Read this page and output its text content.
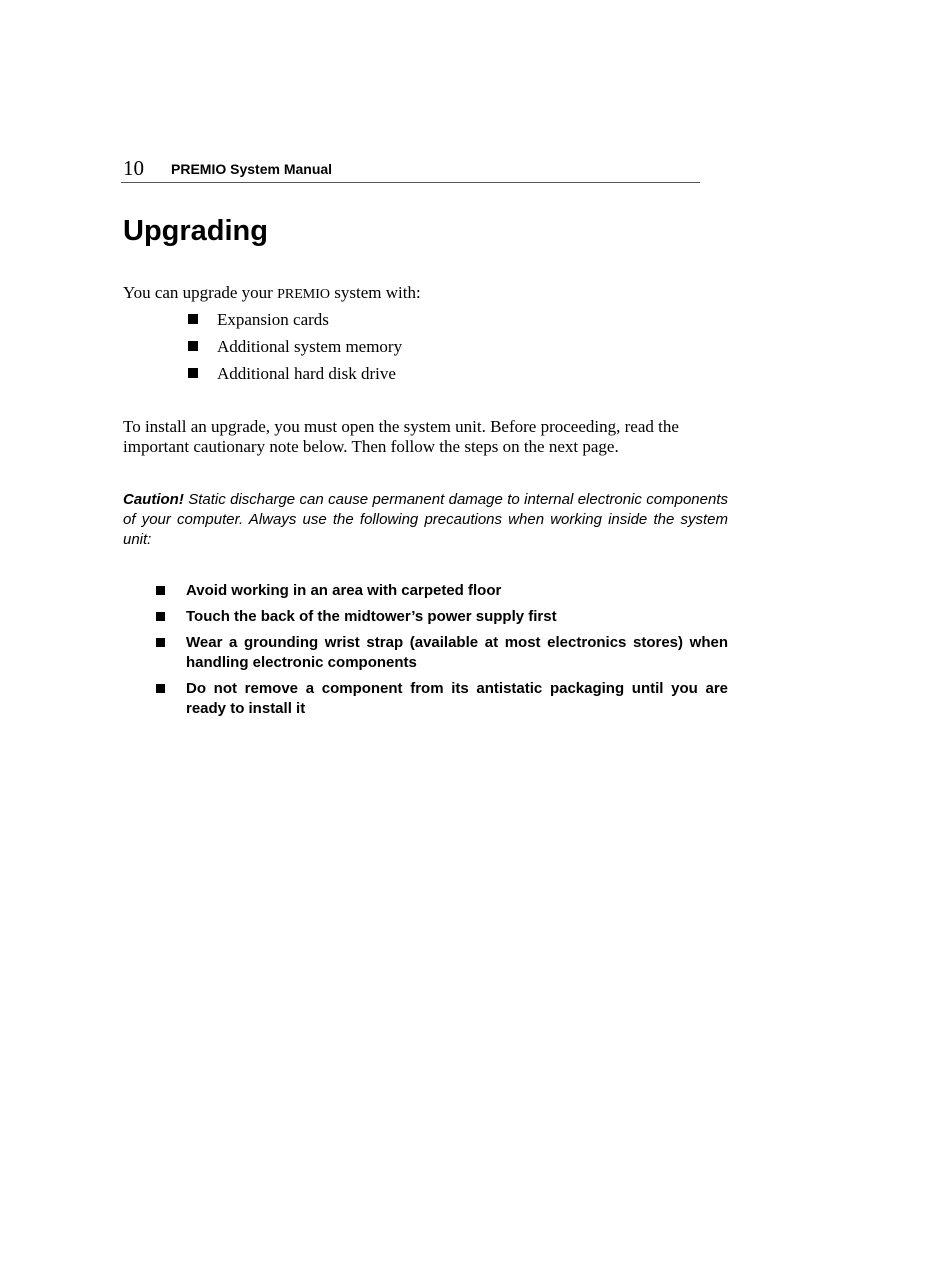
10 PREMIO System Manual
Upgrading

You can upgrade your PREMIO system with:

Expansion cards
Additional system memory
Additional hard disk drive

To install an upgrade, you must open the system unit. Before proceeding, read the important cautionary note below. Then follow the steps on the next page.

Caution! Static discharge can cause permanent damage to internal electronic components of your computer. Always use the following precautions when working inside the system unit:

Avoid working in an area with carpeted floor
Touch the back of the midtower’s power supply first
Wear a grounding wrist strap (available at most electronics stores) when handling electronic components
Do not remove a component from its antistatic packaging until you are ready to install it
